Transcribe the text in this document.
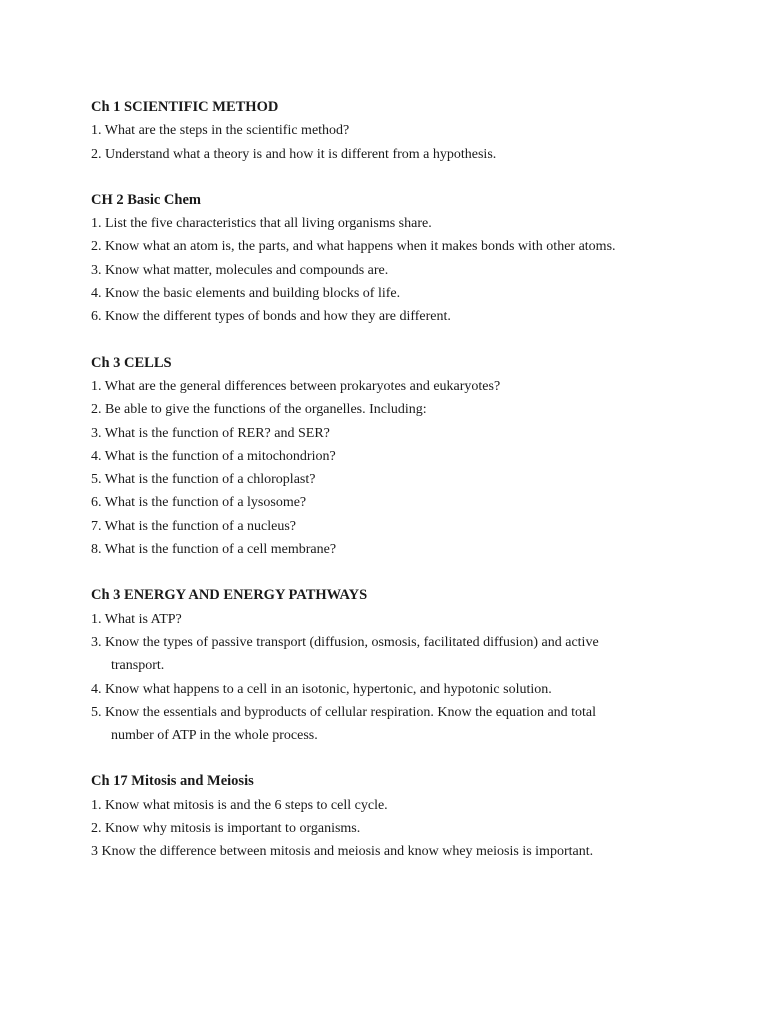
Ch 1 SCIENTIFIC METHOD
1. What are the steps in the scientific method?
2. Understand what a theory is and how it is different from a hypothesis.
CH 2 Basic Chem
1. List the five characteristics that all living organisms share.
2. Know what an atom is, the parts, and what happens when it makes bonds with other atoms.
3. Know what matter, molecules and compounds are.
4. Know the basic elements and building blocks of life.
6. Know the different types of bonds and how they are different.
Ch 3 CELLS
1. What are the general differences between prokaryotes and eukaryotes?
2. Be able to give the functions of the organelles. Including:
3. What is the function of RER? and SER?
4. What is the function of a mitochondrion?
5. What is the function of a chloroplast?
6. What is the function of a lysosome?
7. What is the function of a nucleus?
8. What is the function of a cell membrane?
Ch 3 ENERGY AND ENERGY PATHWAYS
1. What is ATP?
3. Know the types of passive transport (diffusion, osmosis, facilitated diffusion) and active
transport.
4. Know what happens to a cell in an isotonic, hypertonic, and hypotonic solution.
5. Know the essentials and byproducts of cellular respiration. Know the equation and total
number of ATP in the whole process.
Ch 17 Mitosis and Meiosis
1. Know what mitosis is and the 6 steps to cell cycle.
2. Know why mitosis is important to organisms.
3 Know the difference between mitosis and meiosis and know whey meiosis is important.
